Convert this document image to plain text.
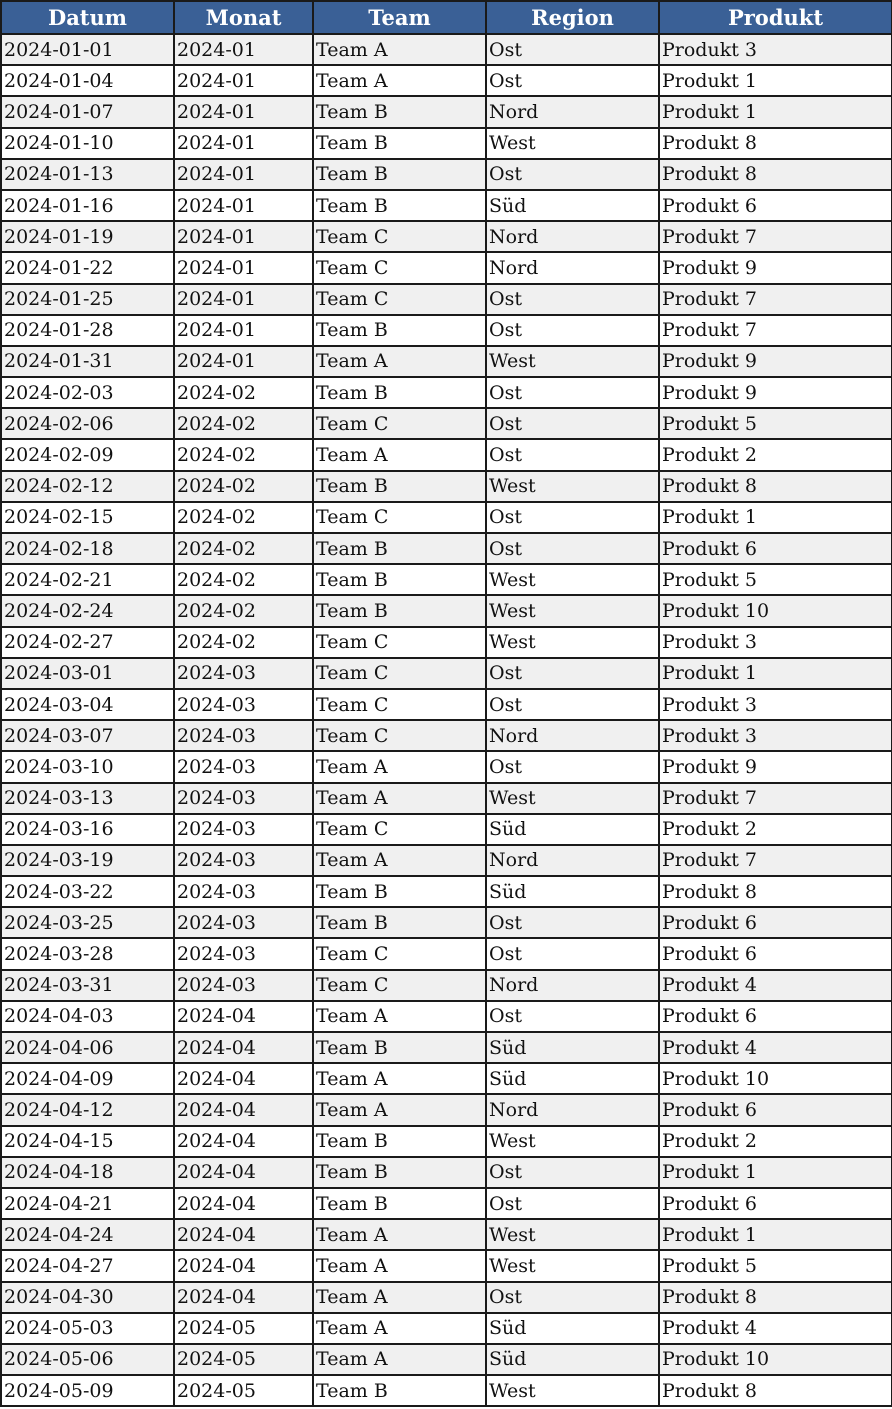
Datum	Monat	Team	Region	Produkt
2024-01-01	2024-01	Team A	Ost	Produkt 3
2024-01-04	2024-01	Team A	Ost	Produkt 1
2024-01-07	2024-01	Team B	Nord	Produkt 1
2024-01-10	2024-01	Team B	West	Produkt 8
2024-01-13	2024-01	Team B	Ost	Produkt 8
2024-01-16	2024-01	Team B	Süd	Produkt 6
2024-01-19	2024-01	Team C	Nord	Produkt 7
2024-01-22	2024-01	Team C	Nord	Produkt 9
2024-01-25	2024-01	Team C	Ost	Produkt 7
2024-01-28	2024-01	Team B	Ost	Produkt 7
2024-01-31	2024-01	Team A	West	Produkt 9
2024-02-03	2024-02	Team B	Ost	Produkt 9
2024-02-06	2024-02	Team C	Ost	Produkt 5
2024-02-09	2024-02	Team A	Ost	Produkt 2
2024-02-12	2024-02	Team B	West	Produkt 8
2024-02-15	2024-02	Team C	Ost	Produkt 1
2024-02-18	2024-02	Team B	Ost	Produkt 6
2024-02-21	2024-02	Team B	West	Produkt 5
2024-02-24	2024-02	Team B	West	Produkt 10
2024-02-27	2024-02	Team C	West	Produkt 3
2024-03-01	2024-03	Team C	Ost	Produkt 1
2024-03-04	2024-03	Team C	Ost	Produkt 3
2024-03-07	2024-03	Team C	Nord	Produkt 3
2024-03-10	2024-03	Team A	Ost	Produkt 9
2024-03-13	2024-03	Team A	West	Produkt 7
2024-03-16	2024-03	Team C	Süd	Produkt 2
2024-03-19	2024-03	Team A	Nord	Produkt 7
2024-03-22	2024-03	Team B	Süd	Produkt 8
2024-03-25	2024-03	Team B	Ost	Produkt 6
2024-03-28	2024-03	Team C	Ost	Produkt 6
2024-03-31	2024-03	Team C	Nord	Produkt 4
2024-04-03	2024-04	Team A	Ost	Produkt 6
2024-04-06	2024-04	Team B	Süd	Produkt 4
2024-04-09	2024-04	Team A	Süd	Produkt 10
2024-04-12	2024-04	Team A	Nord	Produkt 6
2024-04-15	2024-04	Team B	West	Produkt 2
2024-04-18	2024-04	Team B	Ost	Produkt 1
2024-04-21	2024-04	Team B	Ost	Produkt 6
2024-04-24	2024-04	Team A	West	Produkt 1
2024-04-27	2024-04	Team A	West	Produkt 5
2024-04-30	2024-04	Team A	Ost	Produkt 8
2024-05-03	2024-05	Team A	Süd	Produkt 4
2024-05-06	2024-05	Team A	Süd	Produkt 10
2024-05-09	2024-05	Team B	West	Produkt 8
